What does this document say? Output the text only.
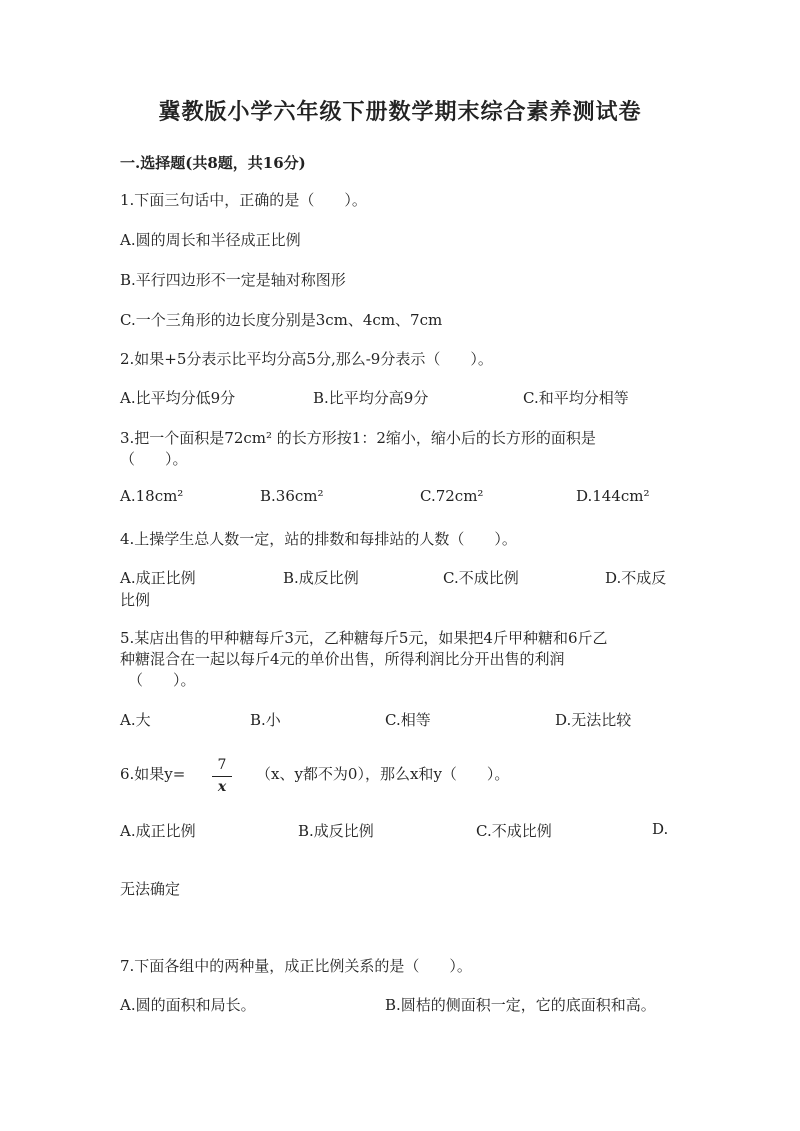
冀教版小学六年级下册数学期末综合素养测试卷
一.选择题(共8题，共16分)
1.下面三句话中，正确的是（　　）。
A.圆的周长和半径成正比例
B.平行四边形不一定是轴对称图形
C.一个三角形的边长度分别是3cm、4cm、7cm
2.如果+5分表示比平均分高5分,那么-9分表示（　　）。
A.比平均分低9分	B.比平均分高9分	C.和平均分相等
3.把一个面积是72cm² 的长方形按1：2缩小，缩小后的长方形的面积是
（　　）。
A.18cm²	B.36cm²	C.72cm²	D.144cm²
4.上操学生总人数一定，站的排数和每排站的人数（　　）。
A.成正比例	B.成反比例	C.不成比例	D.不成反
比例
5.某店出售的甲种糖每斤3元，乙种糖每斤5元，如果把4斤甲种糖和6斤乙
种糖混合在一起以每斤4元的单价出售，所得利润比分开出售的利润
（　　）。
A.大	B.小	C.相等	D.无法比较
6.如果y=	7
x
（x、y都不为0），那么x和y（　　）。
A.成正比例	B.成反比例	C.不成比例	D.
无法确定
7.下面各组中的两种量，成正比例关系的是（　　）。
A.圆的面积和局长。	B.圆桔的侧面积一定，它的底面积和高。
